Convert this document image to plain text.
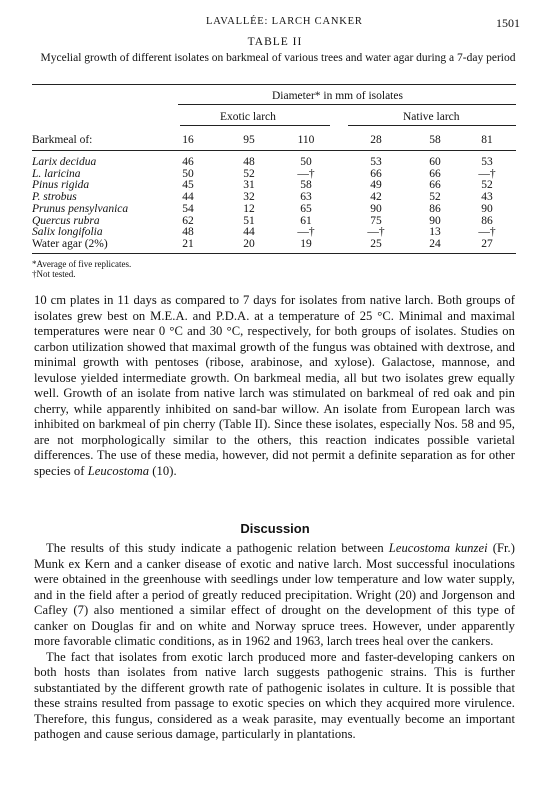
LAVALLÉE: LARCH CANKER	1501
TABLE II
Mycelial growth of different isolates on barkmeal of various trees and water agar during a 7-day period
Diameter* in mm of isolates
Exotic larch	Native larch
Barkmeal of:	16	95	110	28	58	81
Larix decidua	46	48	50	53	60	53
L. laricina	50	52	—†	66	66	—†
Pinus rigida	45	31	58	49	66	52
P. strobus	44	32	63	42	52	43
Prunus pensylvanica	54	12	65	90	86	90
Quercus rubra	62	51	61	75	90	86
Salix longifolia	48	44	—†	—†	13	—†
Water agar (2%)	21	20	19	25	24	27
*Average of five replicates.
†Not tested.

10 cm plates in 11 days as compared to 7 days for isolates from native larch. Both groups of isolates grew best on M.E.A. and P.D.A. at a temperature of 25 °C. Minimal and maximal temperatures were near 0 °C and 30 °C, respectively, for both groups of isolates. Studies on carbon utilization showed that maximal growth of the fungus was obtained with dextrose, and minimal growth with pentoses (ribose, arabinose, and xylose). Galactose, mannose, and levulose yielded intermediate growth. On barkmeal media, all but two isolates grew equally well. Growth of an isolate from native larch was stimulated on barkmeal of red oak and pin cherry, while apparently inhibited on sand-bar willow. An isolate from European larch was inhibited on barkmeal of pin cherry (Table II). Since these isolates, especially Nos. 58 and 95, are not morphologically similar to the others, this reaction indicates possible varietal differences. The use of these media, however, did not permit a definite separation as for other species of Leucostoma (10).

Discussion

The results of this study indicate a pathogenic relation between Leucostoma kunzei (Fr.) Munk ex Kern and a canker disease of exotic and native larch. Most successful inoculations were obtained in the greenhouse with seedlings under low temperature and low water supply, and in the field after a period of greatly reduced precipitation. Wright (20) and Jorgenson and Cafley (7) also mentioned a similar effect of drought on the development of this type of canker on Douglas fir and on white and Norway spruce trees. However, under apparently more favorable climatic conditions, as in 1962 and 1963, larch trees heal over the cankers.

The fact that isolates from exotic larch produced more and faster-developing cankers on both hosts than isolates from native larch suggests pathogenic strains. This is further substantiated by the different growth rate of pathogenic isolates in culture. It is possible that these strains resulted from passage to exotic species on which they acquired more virulence. Therefore, this fungus, considered as a weak parasite, may eventually become an important pathogen and cause serious damage, particularly in plantations.
